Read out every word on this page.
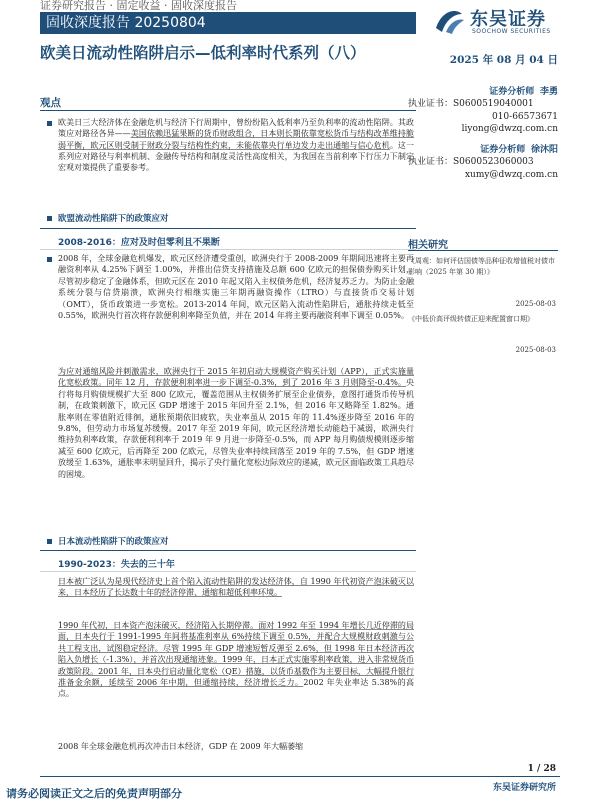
证券研究报告 · 固定收益 · 固收深度报告
固收深度报告 20250804	东吴证券
SOOCHOW SECURITIES
欧美日流动性陷阱启示—低利率时代系列（八）	2025 年 08 月 04 日
观点
欧美日三大经济体在金融危机与经济下行周期中，曾纷纷陷入低利率乃至负利率的流动性陷阱。其政策应对路径各异——美国依赖迅猛果断的货币财政组合，日本则长期依靠宽松货币与结构改革维持脆弱平衡，欧元区则受制于财政分裂与结构性约束，未能依靠央行单边发力走出通缩与信心危机。这一系列应对路径与利率机制、金融传导结构和制度灵活性高度相关，为我国在当前利率下行压力下制定宏观对策提供了重要参考。
欧盟流动性陷阱下的政策应对
2008-2016：应对及时但零利且不果断
2008 年，全球金融危机爆发，欧元区经济遭受重创，欧洲央行于 2008-2009 年期间迅速将主要再融资利率从 4.25%下调至 1.00%，并推出信贷支持措施及总额 600 亿欧元的担保债券购买计划，尽管初步稳定了金融体系，但欧元区在 2010 年起又陷入主权债务危机，经济复苏乏力。为防止金融系统分裂与信贷崩溃，欧洲央行相继实施三年期再融资操作（LTRO）与直接货币交易计划（OMT），货币政策进一步宽松。2013-2014 年间，欧元区陷入流动性陷阱后，通胀持续走低至 0.55%，欧洲央行首次将存款便利利率降至负值，并在 2014 年将主要再融资利率下调至 0.05%。
为应对通缩风险并刺激需求，欧洲央行于 2015 年初启动大规模资产购买计划（APP），正式实施量化宽松政策。同年 12 月，存款便利利率进一步下调至-0.3%，到了 2016 年 3 月则降至-0.4%。央行将每月购债规模扩大至 800 亿欧元，覆盖范围从主权债务扩展至企业债券，意图打通货币传导机制，在政策刺激下，欧元区 GDP 增速于 2015 年回升至 2.1%，但 2016 年又略降至 1.82%。通胀率则在零值附近徘徊，通胀预期依旧疲软，失业率虽从 2015 年的 11.4%逐步降至 2016 年的 9.8%，但劳动力市场复苏缓慢。2017 年至 2019 年间，欧元区经济增长动能趋于减弱，欧洲央行维持负利率政策，存款便利利率于 2019 年 9 月进一步降至-0.5%，而 APP 每月购债规模则逐步缩减至 600 亿欧元，后再降至 200 亿欧元，尽管失业率持续回落至 2019 年的 7.5%，但 GDP 增速放缓至 1.63%，通胀率未明显回升，揭示了央行量化宽松边际效应的递减，欧元区面临政策工具趋尽的困境。
日本流动性陷阱下的政策应对
1990-2023：失去的三十年
日本被广泛认为是现代经济史上首个陷入流动性陷阱的发达经济体，自 1990 年代初资产泡沫破灭以来，日本经历了长达数十年的经济停滞、通缩和超低利率环境。
1990 年代初，日本资产泡沫破灭，经济陷入长期停滞。面对 1992 年至 1994 年增长几近停滞的局面，日本央行于 1991-1995 年间将基准利率从 6%持续下调至 0.5%，并配合大规模财政刺激与公共工程支出，试图稳定经济。尽管 1995 年 GDP 增速短暂反弹至 2.6%，但 1998 年日本经济再次陷入负增长（-1.3%），并首次出现通缩迹象。1999 年，日本正式实施零利率政策，进入非常规货币政策阶段。2001 年，日本央行启动量化宽松（QE）措施，以货币基数作为主要目标，大幅提升银行准备金余额，延续至 2006 年中期，但通缩持续，经济增长乏力。2002 年失业率达 5.38%的高点。
2008 年全球金融危机再次冲击日本经济，GDP 在 2009 年大幅萎缩
证券分析师 李勇
执业证书：S0600519040001
010-66573671
liyong@dwzq.com.cn
证券分析师 徐沐阳
执业证书：S0600523060003
xumy@dwzq.com.cn
相关研究
《周观：如何评估国债等品种征收增值税对债市影响（2025 年第 30 期）》
2025-08-03
《中低价高评级转债正迎来配置窗口期》
2025-08-03
1 / 28
东吴证券研究所
请务必阅读正文之后的免责声明部分
